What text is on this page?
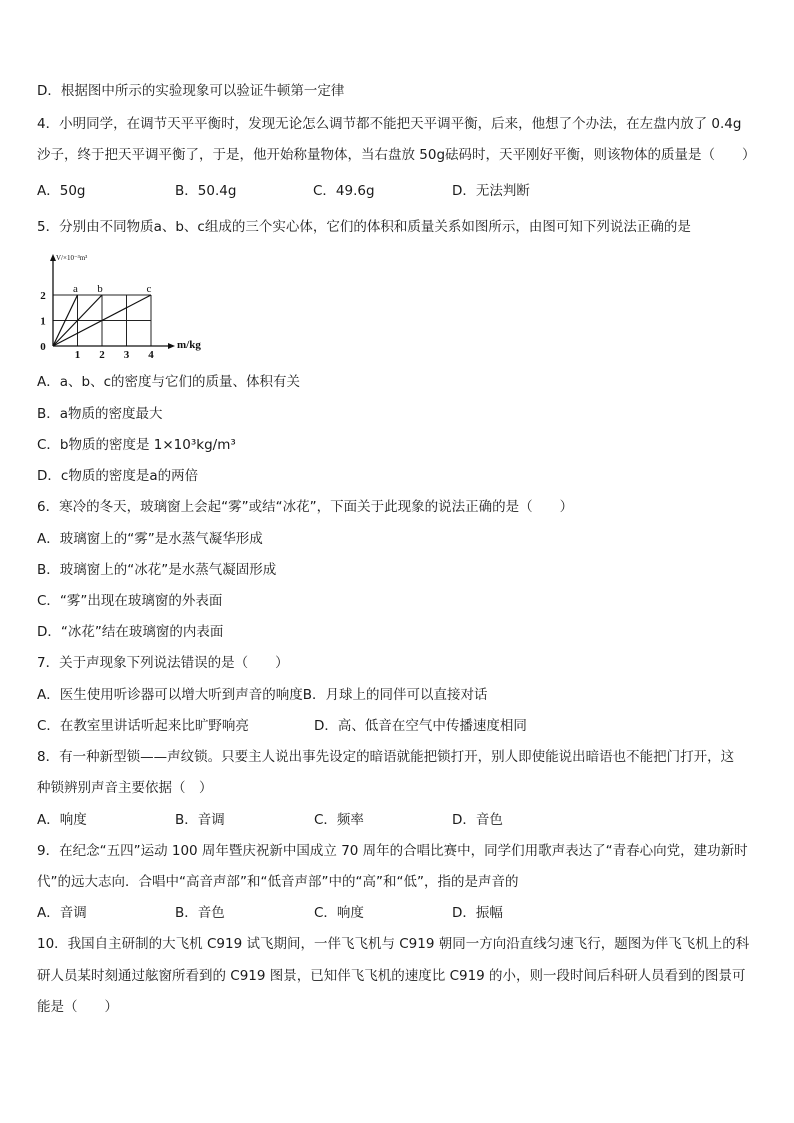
D．根据图中所示的实验现象可以验证牛顿第一定律
4．小明同学，在调节天平平衡时，发现无论怎么调节都不能把天平调平衡，后来，他想了个办法，在左盘内放了 0.4g
沙子，终于把天平调平衡了，于是，他开始称量物体，当右盘放 50g砝码时，天平刚好平衡，则该物体的质量是（　　）
A．50g	B．50.4g	C．49.6g	D．无法判断
5．分别由不同物质a、b、c组成的三个实心体，它们的体积和质量关系如图所示，由图可知下列说法正确的是
a b	c
1 2 3 4
1
2
0	m/kg
V/×10⁻³m³
A．a、b、c的密度与它们的质量、体积有关
B．a物质的密度最大
C．b物质的密度是 1×10³kg/m³
D．c物质的密度是a的两倍
6．寒冷的冬天，玻璃窗上会起“雾”或结“冰花”，下面关于此现象的说法正确的是（　　）
A．玻璃窗上的“雾”是水蒸气凝华形成
B．玻璃窗上的“冰花”是水蒸气凝固形成
C．“雾”出现在玻璃窗的外表面
D．“冰花”结在玻璃窗的内表面
7．关于声现象下列说法错误的是（　　）
A．医生使用听诊器可以增大听到声音的响度B．月球上的同伴可以直接对话
C．在教室里讲话听起来比旷野响亮	D．高、低音在空气中传播速度相同
8．有一种新型锁——声纹锁。只要主人说出事先设定的暗语就能把锁打开，别人即使能说出暗语也不能把门打开，这
种锁辨别声音主要依据（　）
A．响度	B．音调	C．频率	D．音色
9．在纪念“五四”运动 100 周年暨庆祝新中国成立 70 周年的合唱比赛中，同学们用歌声表达了“青春心向党，建功新时
代”的远大志向．合唱中“高音声部”和“低音声部”中的“高”和“低”，指的是声音的
A．音调	B．音色	C．响度	D．振幅
10．我国自主研制的大飞机 C919 试飞期间，一伴飞飞机与 C919 朝同一方向沿直线匀速飞行，题图为伴飞飞机上的科
研人员某时刻通过舷窗所看到的 C919 图景，已知伴飞飞机的速度比 C919 的小，则一段时间后科研人员看到的图景可
能是（　　）
